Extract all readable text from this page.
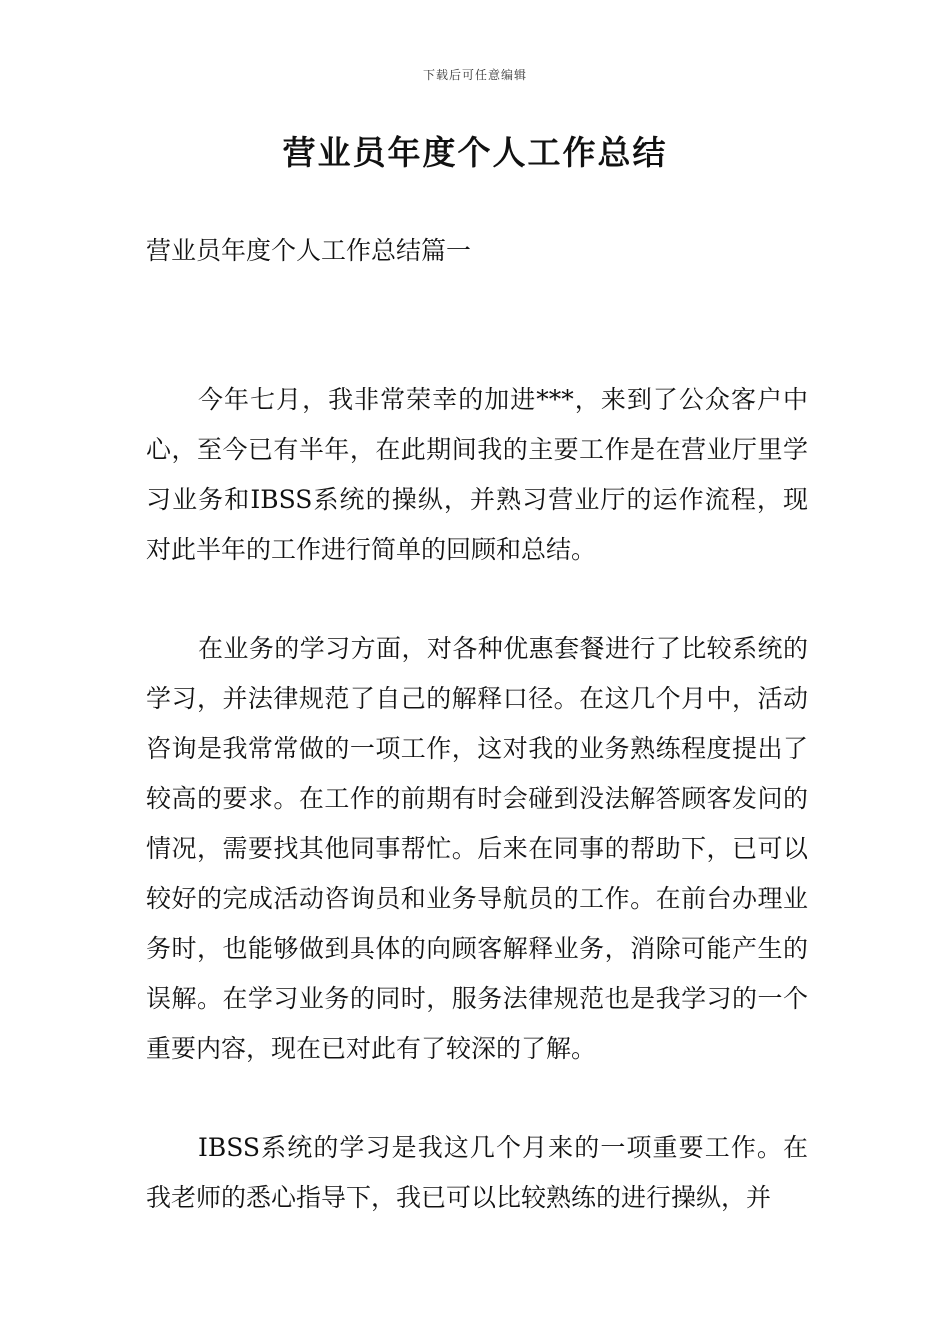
下载后可任意编辑
营业员年度个人工作总结
营业员年度个人工作总结篇一

今年七月，我非常荣幸的加进***，来到了公众客户中心，至今已有半年，在此期间我的主要工作是在营业厅里学习业务和IBSS系统的操纵，并熟习营业厅的运作流程，现对此半年的工作进行简单的回顾和总结。

在业务的学习方面，对各种优惠套餐进行了比较系统的学习，并法律规范了自己的解释口径。在这几个月中，活动咨询是我常常做的一项工作，这对我的业务熟练程度提出了较高的要求。在工作的前期有时会碰到没法解答顾客发问的情况，需要找其他同事帮忙。后来在同事的帮助下，已可以较好的完成活动咨询员和业务导航员的工作。在前台办理业务时，也能够做到具体的向顾客解释业务，消除可能产生的误解。在学习业务的同时，服务法律规范也是我学习的一个重要内容，现在已对此有了较深的了解。

IBSS系统的学习是我这几个月来的一项重要工作。在我老师的悉心指导下，我已可以比较熟练的进行操纵，并
